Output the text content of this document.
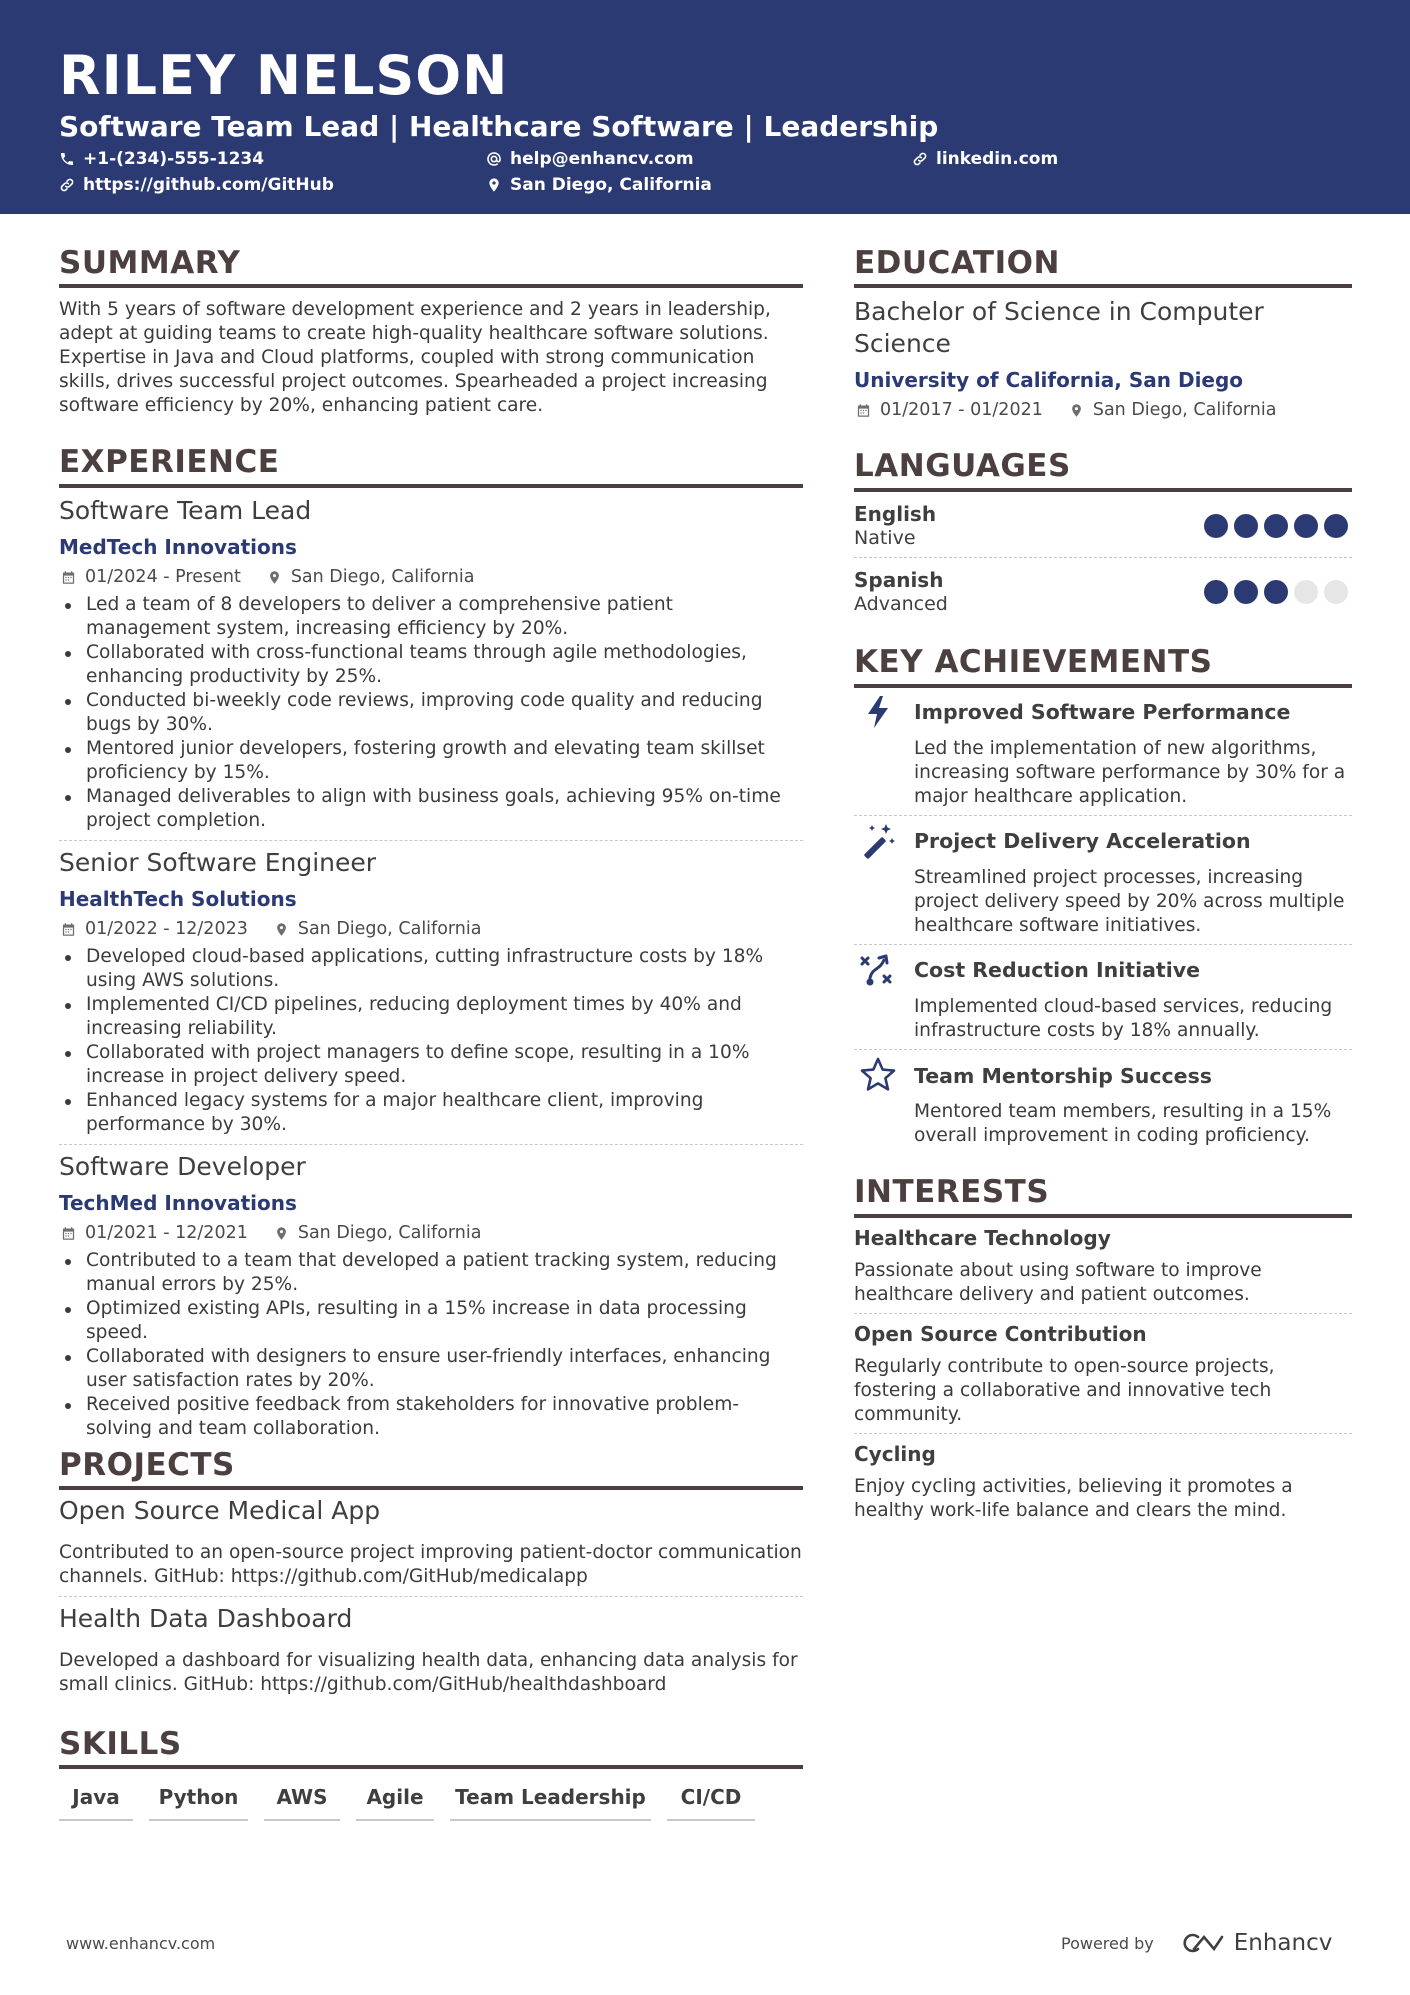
RILEY NELSON
Software Team Lead | Healthcare Software | Leadership
+1-(234)-555-1234	help@enhancv.com	linkedin.com
https://github.com/GitHub	San Diego, California
SUMMARY
With 5 years of software development experience and 2 years in leadership, adept at guiding teams to create high-quality healthcare software solutions. Expertise in Java and Cloud platforms, coupled with strong communication skills, drives successful project outcomes. Spearheaded a project increasing software efficiency by 20%, enhancing patient care.
EXPERIENCE
Software Team Lead
MedTech Innovations
01/2024 - Present	San Diego, California
Led a team of 8 developers to deliver a comprehensive patient management system, increasing efficiency by 20%.
Collaborated with cross-functional teams through agile methodologies, enhancing productivity by 25%.
Conducted bi-weekly code reviews, improving code quality and reducing bugs by 30%.
Mentored junior developers, fostering growth and elevating team skillset proficiency by 15%.
Managed deliverables to align with business goals, achieving 95% on-time project completion.
Senior Software Engineer
HealthTech Solutions
01/2022 - 12/2023	San Diego, California
Developed cloud-based applications, cutting infrastructure costs by 18% using AWS solutions.
Implemented CI/CD pipelines, reducing deployment times by 40% and increasing reliability.
Collaborated with project managers to define scope, resulting in a 10% increase in project delivery speed.
Enhanced legacy systems for a major healthcare client, improving performance by 30%.
Software Developer
TechMed Innovations
01/2021 - 12/2021	San Diego, California
Contributed to a team that developed a patient tracking system, reducing manual errors by 25%.
Optimized existing APIs, resulting in a 15% increase in data processing speed.
Collaborated with designers to ensure user-friendly interfaces, enhancing user satisfaction rates by 20%.
Received positive feedback from stakeholders for innovative problem-solving and team collaboration.
PROJECTS
Open Source Medical App
Contributed to an open-source project improving patient-doctor communication channels. GitHub: https://github.com/GitHub/medicalapp
Health Data Dashboard
Developed a dashboard for visualizing health data, enhancing data analysis for small clinics. GitHub: https://github.com/GitHub/healthdashboard
SKILLS
Java	Python	AWS	Agile	Team Leadership	CI/CD
EDUCATION
Bachelor of Science in Computer Science
University of California, San Diego
01/2017 - 01/2021	San Diego, California
LANGUAGES
English
Native
Spanish
Advanced
KEY ACHIEVEMENTS
Improved Software Performance
Led the implementation of new algorithms, increasing software performance by 30% for a major healthcare application.
Project Delivery Acceleration
Streamlined project processes, increasing project delivery speed by 20% across multiple healthcare software initiatives.
Cost Reduction Initiative
Implemented cloud-based services, reducing infrastructure costs by 18% annually.
Team Mentorship Success
Mentored team members, resulting in a 15% overall improvement in coding proficiency.
INTERESTS
Healthcare Technology
Passionate about using software to improve healthcare delivery and patient outcomes.
Open Source Contribution
Regularly contribute to open-source projects, fostering a collaborative and innovative tech community.
Cycling
Enjoy cycling activities, believing it promotes a healthy work-life balance and clears the mind.
www.enhancv.com	Powered by	Enhancv
